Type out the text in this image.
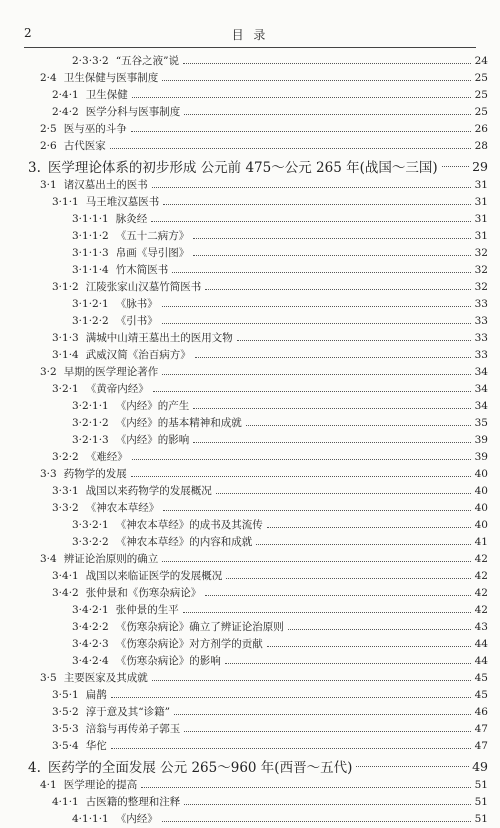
2	目 录
2·3·3·2 “五谷之液”说	24
2·4 卫生保健与医事制度	25
2·4·1 卫生保健	25
2·4·2 医学分科与医事制度	25
2·5 医与巫的斗争	26
2·6 古代医家	28
3. 医学理论体系的初步形成 公元前 475～公元 265 年(战国～三国)	29
3·1 诸汉墓出土的医书	31
3·1·1 马王堆汉墓医书	31
3·1·1·1 脉灸经	31
3·1·1·2 《五十二病方》	31
3·1·1·3 帛画《导引图》	32
3·1·1·4 竹木简医书	32
3·1·2 江陵张家山汉墓竹简医书	32
3·1·2·1 《脉书》	33
3·1·2·2 《引书》	33
3·1·3 满城中山靖王墓出土的医用文物	33
3·1·4 武威汉简《治百病方》	33
3·2 早期的医学理论著作	34
3·2·1 《黄帝内经》	34
3·2·1·1 《内经》的产生	34
3·2·1·2 《内经》的基本精神和成就	35
3·2·1·3 《内经》的影响	39
3·2·2 《难经》	39
3·3 药物学的发展	40
3·3·1 战国以来药物学的发展概况	40
3·3·2 《神农本草经》	40
3·3·2·1 《神农本草经》的成书及其流传	40
3·3·2·2 《神农本草经》的内容和成就	41
3·4 辨证论治原则的确立	42
3·4·1 战国以来临证医学的发展概况	42
3·4·2 张仲景和《伤寒杂病论》	42
3·4·2·1 张仲景的生平	42
3·4·2·2 《伤寒杂病论》确立了辨证论治原则	43
3·4·2·3 《伤寒杂病论》对方剂学的贡献	44
3·4·2·4 《伤寒杂病论》的影响	44
3·5 主要医家及其成就	45
3·5·1 扁鹊	45
3·5·2 淳于意及其“诊籍”	46
3·5·3 涪翁与再传弟子郭玉	47
3·5·4 华佗	47
4. 医药学的全面发展 公元 265～960 年(西晋～五代)	49
4·1 医学理论的提高	51
4·1·1 古医籍的整理和注释	51
4·1·1·1 《内经》	51
